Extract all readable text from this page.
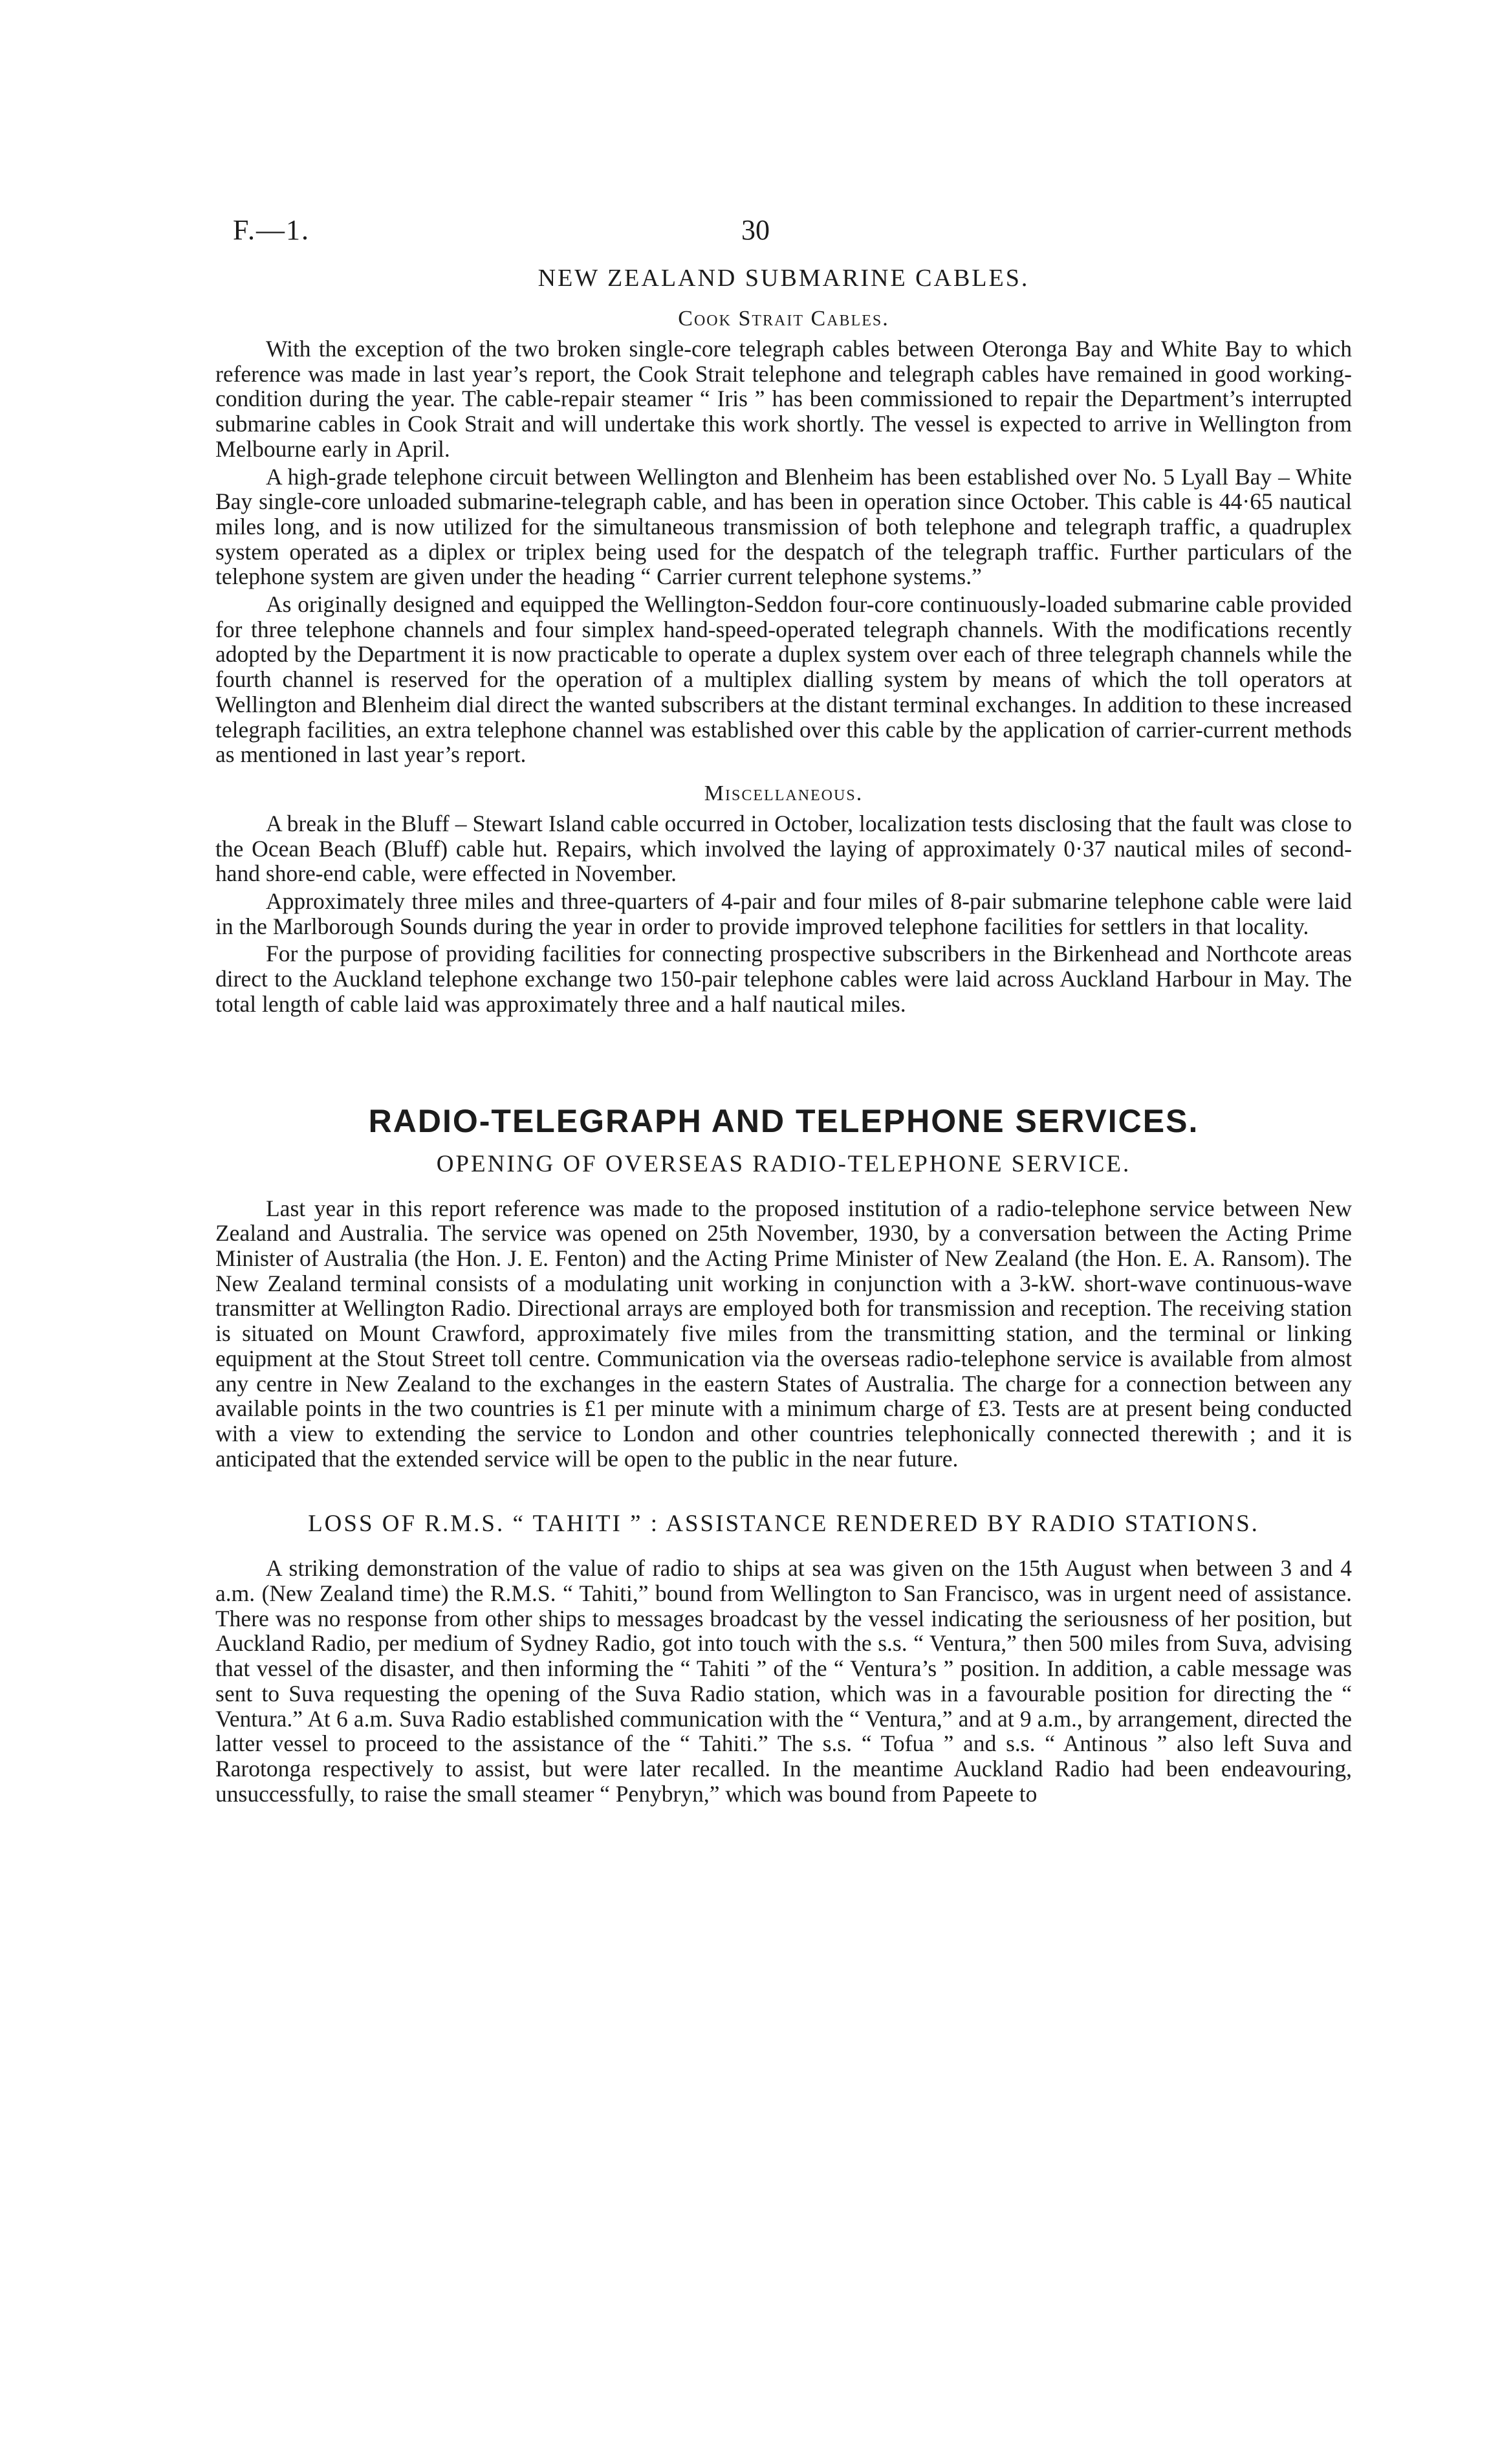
F.—1.	30
NEW ZEALAND SUBMARINE CABLES.
Cook Strait Cables.

With the exception of the two broken single-core telegraph cables between Oteronga Bay and White Bay to which reference was made in last year’s report, the Cook Strait telephone and telegraph cables have remained in good working-condition during the year. The cable-repair steamer “ Iris ” has been commissioned to repair the Department’s interrupted submarine cables in Cook Strait and will undertake this work shortly. The vessel is expected to arrive in Wellington from Melbourne early in April.

A high-grade telephone circuit between Wellington and Blenheim has been established over No. 5 Lyall Bay – White Bay single-core unloaded submarine-telegraph cable, and has been in operation since October. This cable is 44·65 nautical miles long, and is now utilized for the simultaneous transmission of both telephone and telegraph traffic, a quadruplex system operated as a diplex or triplex being used for the despatch of the telegraph traffic. Further particulars of the telephone system are given under the heading “ Carrier current telephone systems.”

As originally designed and equipped the Wellington-Seddon four-core continuously-loaded submarine cable provided for three telephone channels and four simplex hand-speed-operated telegraph channels. With the modifications recently adopted by the Department it is now practicable to operate a duplex system over each of three telegraph channels while the fourth channel is reserved for the operation of a multiplex dialling system by means of which the toll operators at Wellington and Blenheim dial direct the wanted subscribers at the distant terminal exchanges. In addition to these increased telegraph facilities, an extra telephone channel was established over this cable by the application of carrier-current methods as mentioned in last year’s report.

Miscellaneous.

A break in the Bluff – Stewart Island cable occurred in October, localization tests disclosing that the fault was close to the Ocean Beach (Bluff) cable hut. Repairs, which involved the laying of approximately 0·37 nautical miles of second-hand shore-end cable, were effected in November.

Approximately three miles and three-quarters of 4-pair and four miles of 8-pair submarine telephone cable were laid in the Marlborough Sounds during the year in order to provide improved telephone facilities for settlers in that locality.

For the purpose of providing facilities for connecting prospective subscribers in the Birkenhead and Northcote areas direct to the Auckland telephone exchange two 150-pair telephone cables were laid across Auckland Harbour in May. The total length of cable laid was approximately three and a half nautical miles.

RADIO-TELEGRAPH AND TELEPHONE SERVICES.
OPENING OF OVERSEAS RADIO-TELEPHONE SERVICE.

Last year in this report reference was made to the proposed institution of a radio-telephone service between New Zealand and Australia. The service was opened on 25th November, 1930, by a conversation between the Acting Prime Minister of Australia (the Hon. J. E. Fenton) and the Acting Prime Minister of New Zealand (the Hon. E. A. Ransom). The New Zealand terminal consists of a modulating unit working in conjunction with a 3-kW. short-wave continuous-wave transmitter at Wellington Radio. Directional arrays are employed both for transmission and reception. The receiving station is situated on Mount Crawford, approximately five miles from the transmitting station, and the terminal or linking equipment at the Stout Street toll centre. Communication via the overseas radio-telephone service is available from almost any centre in New Zealand to the exchanges in the eastern States of Australia. The charge for a connection between any available points in the two countries is £1 per minute with a minimum charge of £3. Tests are at present being conducted with a view to extending the service to London and other countries telephonically connected therewith ; and it is anticipated that the extended service will be open to the public in the near future.

LOSS OF R.M.S. “ TAHITI ” : ASSISTANCE RENDERED BY RADIO STATIONS.

A striking demonstration of the value of radio to ships at sea was given on the 15th August when between 3 and 4 a.m. (New Zealand time) the R.M.S. “ Tahiti,” bound from Wellington to San Francisco, was in urgent need of assistance. There was no response from other ships to messages broadcast by the vessel indicating the seriousness of her position, but Auckland Radio, per medium of Sydney Radio, got into touch with the s.s. “ Ventura,” then 500 miles from Suva, advising that vessel of the disaster, and then informing the “ Tahiti ” of the “ Ventura’s ” position. In addition, a cable message was sent to Suva requesting the opening of the Suva Radio station, which was in a favourable position for directing the “ Ventura.” At 6 a.m. Suva Radio established communication with the “ Ventura,” and at 9 a.m., by arrangement, directed the latter vessel to proceed to the assistance of the “ Tahiti.” The s.s. “ Tofua ” and s.s. “ Antinous ” also left Suva and Rarotonga respectively to assist, but were later recalled. In the meantime Auckland Radio had been endeavouring, unsuccessfully, to raise the small steamer “ Penybryn,” which was bound from Papeete to
